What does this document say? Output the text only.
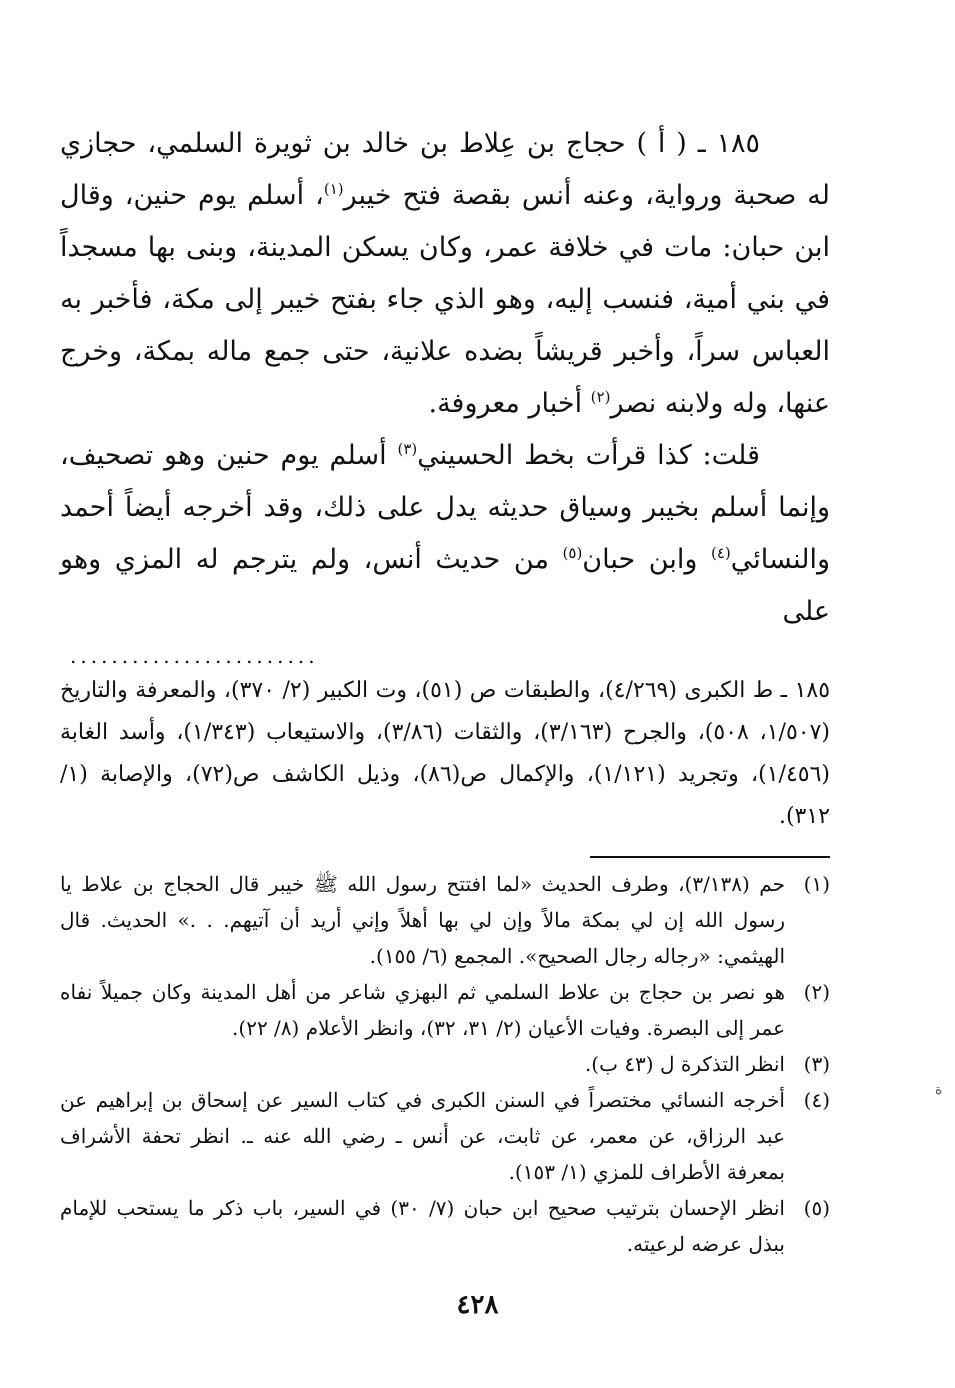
١٨٥ ـ ( أ ) حجاج بن عِلاط بن خالد بن ثويرة السلمي، حجازي له صحبة ورواية، وعنه أنس بقصة فتح خيبر$^{(١)}$، أسلم يوم حنين، وقال ابن حبان: مات في خلافة عمر، وكان يسكن المدينة، وبنى بها مسجداً في بني أمية، فنسب إليه، وهو الذي جاء بفتح خيبر إلى مكة، فأخبر به العباس سراً، وأخبر قريشاً بضده علانية، حتى جمع ماله بمكة، وخرج عنها، وله ولابنه نصر$^{(٢)}$ أخبار معروفة.

قلت: كذا قرأت بخط الحسيني$^{(٣)}$ أسلم يوم حنين وهو تصحيف، وإنما أسلم بخيبر وسياق حديثه يدل على ذلك، وقد أخرجه أيضاً أحمد والنسائي$^{(٤)}$ وابن حبان$^{(٥)}$ من حديث أنس، ولم يترجم له المزي وهو على

........................

١٨٥ ـ ط الكبرى (٤/٢٦٩)، والطبقات ص (٥١)، وت الكبير (٢/ ٣٧٠)، والمعرفة والتاريخ (١/٥٠٧، ٥٠٨)، والجرح (٣/١٦٣)، والثقات (٣/٨٦)، والاستيعاب (١/٣٤٣)، وأسد الغابة (١/٤٥٦)، وتجريد (١/١٢١)، والإكمال ص(٨٦)، وذيل الكاشف ص(٧٢)، والإصابة (١/ ٣١٢).

(١)
حم (٣/١٣٨)، وطرف الحديث «لما افتتح رسول الله ﷺ خيبر قال الحجاج بن علاط يا رسول الله إن لي بمكة مالاً وإن لي بها أهلاً وإني أريد أن آتيهم. . .» الحديث. قال الهيثمي: «رجاله رجال الصحيح». المجمع (٦/ ١٥٥).
(٢)
هو نصر بن حجاج بن علاط السلمي ثم البهزي شاعر من أهل المدينة وكان جميلاً نفاه عمر إلى البصرة. وفيات الأعيان (٢/ ٣١، ٣٢)، وانظر الأعلام (٨/ ٢٢).
(٣)
انظر التذكرة ل (٤٣ ب).
(٤)
أخرجه النسائي مختصراً في السنن الكبرى في كتاب السير عن إسحاق بن إبراهيم عن عبد الرزاق، عن معمر، عن ثابت، عن أنس ـ رضي الله عنه ـ. انظر تحفة الأشراف بمعرفة الأطراف للمزي (١/ ١٥٣).
(٥)
انظر الإحسان بترتيب صحيح ابن حبان (٧/ ٣٠) في السير، باب ذكر ما يستحب للإمام ببذل عرضه لرعيته.
٤٢٨
ة
